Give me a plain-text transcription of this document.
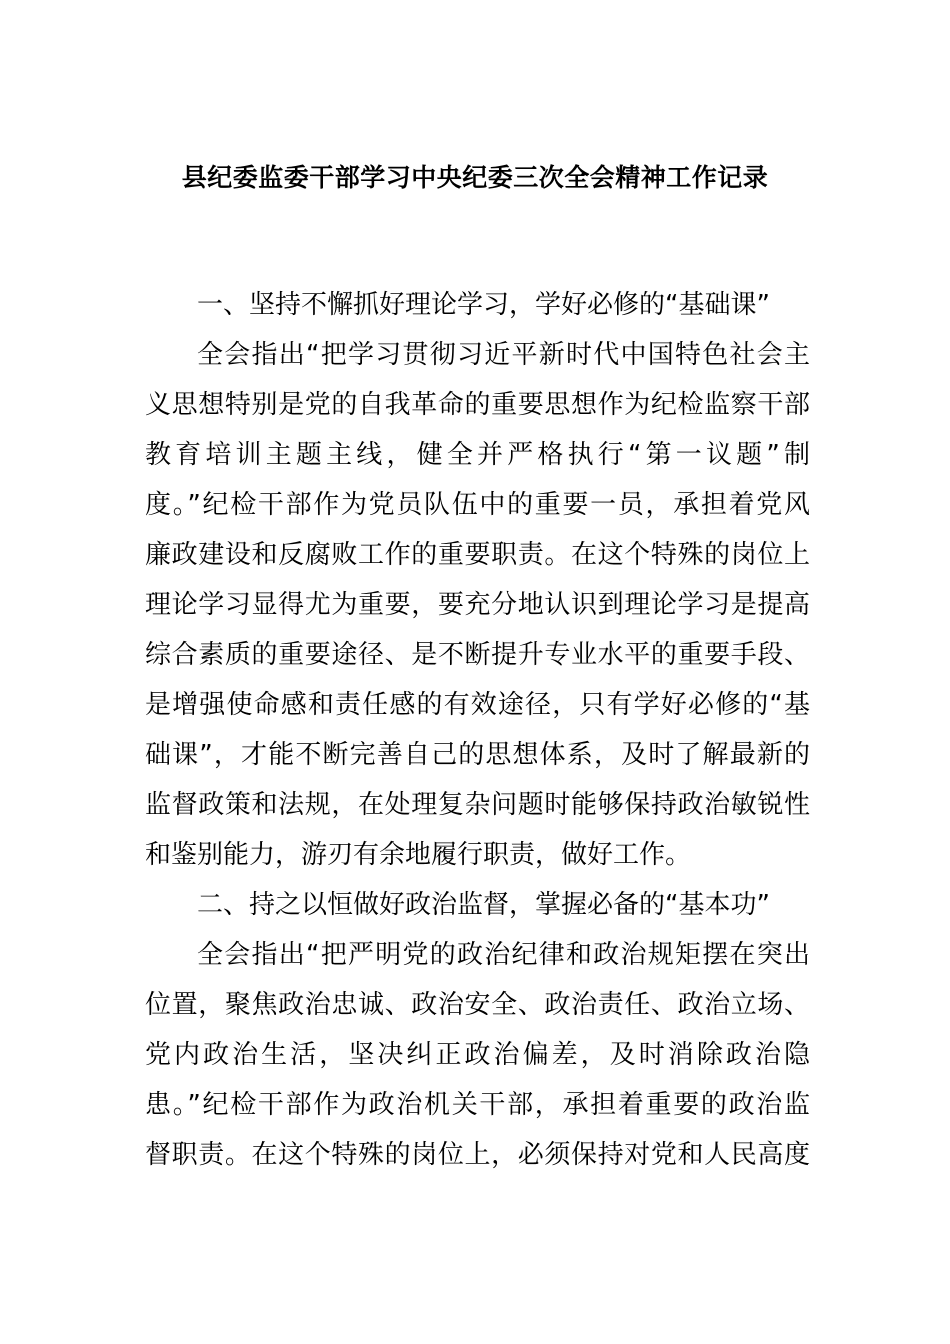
县纪委监委干部学习中央纪委三次全会精神工作记录
一、坚持不懈抓好理论学习，学好必修的“基础课”
全会指出“把学习贯彻习近平新时代中国特色社会主
义思想特别是党的自我革命的重要思想作为纪检监察干部
教育培训主题主线，健全并严格执行“第一议题”制
度。”纪检干部作为党员队伍中的重要一员，承担着党风
廉政建设和反腐败工作的重要职责。在这个特殊的岗位上
理论学习显得尤为重要，要充分地认识到理论学习是提高
综合素质的重要途径、是不断提升专业水平的重要手段、
是增强使命感和责任感的有效途径，只有学好必修的“基
础课”，才能不断完善自己的思想体系，及时了解最新的
监督政策和法规，在处理复杂问题时能够保持政治敏锐性
和鉴别能力，游刃有余地履行职责，做好工作。
二、持之以恒做好政治监督，掌握必备的“基本功”
全会指出“把严明党的政治纪律和政治规矩摆在突出
位置，聚焦政治忠诚、政治安全、政治责任、政治立场、
党内政治生活，坚决纠正政治偏差，及时消除政治隐
患。”纪检干部作为政治机关干部，承担着重要的政治监
督职责。在这个特殊的岗位上，必须保持对党和人民高度
